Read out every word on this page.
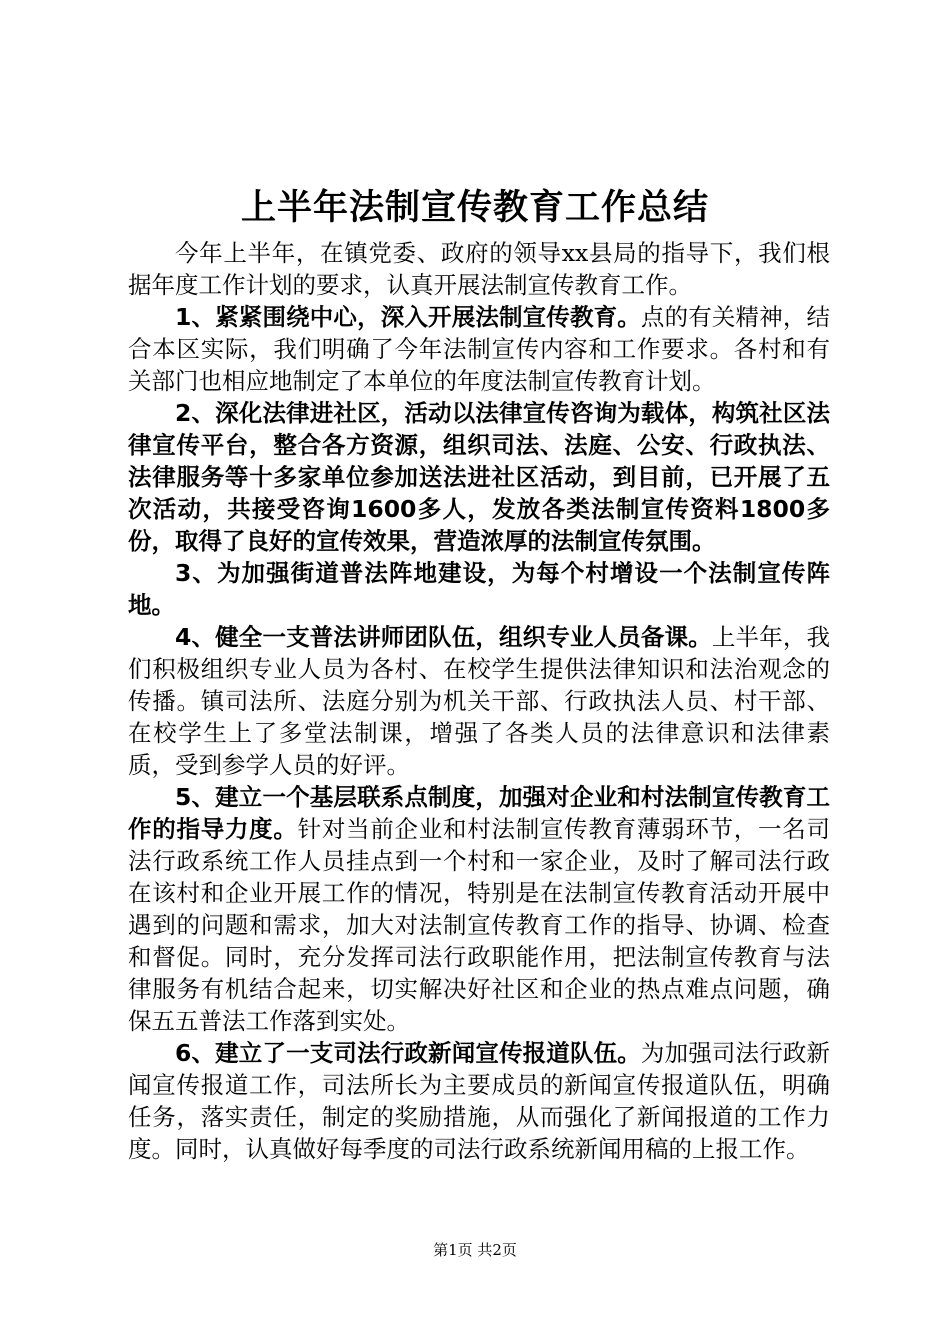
上半年法制宣传教育工作总结

今年上半年，在镇党委、政府的领导xx县局的指导下，我们根据年度工作计划的要求，认真开展法制宣传教育工作。

1、紧紧围绕中心，深入开展法制宣传教育。点的有关精神，结合本区实际，我们明确了今年法制宣传内容和工作要求。各村和有关部门也相应地制定了本单位的年度法制宣传教育计划。

2、深化法律进社区，活动以法律宣传咨询为载体，构筑社区法律宣传平台，整合各方资源，组织司法、法庭、公安、行政执法、法律服务等十多家单位参加送法进社区活动，到目前，已开展了五次活动，共接受咨询1600多人，发放各类法制宣传资料1800多份，取得了良好的宣传效果，营造浓厚的法制宣传氛围。

3、为加强街道普法阵地建设，为每个村增设一个法制宣传阵地。

4、健全一支普法讲师团队伍，组织专业人员备课。上半年，我们积极组织专业人员为各村、在校学生提供法律知识和法治观念的传播。镇司法所、法庭分别为机关干部、行政执法人员、村干部、在校学生上了多堂法制课，增强了各类人员的法律意识和法律素质，受到参学人员的好评。

5、建立一个基层联系点制度，加强对企业和村法制宣传教育工作的指导力度。针对当前企业和村法制宣传教育薄弱环节，一名司法行政系统工作人员挂点到一个村和一家企业，及时了解司法行政在该村和企业开展工作的情况，特别是在法制宣传教育活动开展中遇到的问题和需求，加大对法制宣传教育工作的指导、协调、检查和督促。同时，充分发挥司法行政职能作用，把法制宣传教育与法律服务有机结合起来，切实解决好社区和企业的热点难点问题，确保五五普法工作落到实处。

6、建立了一支司法行政新闻宣传报道队伍。为加强司法行政新闻宣传报道工作，司法所长为主要成员的新闻宣传报道队伍，明确任务，落实责任，制定的奖励措施，从而强化了新闻报道的工作力度。同时，认真做好每季度的司法行政系统新闻用稿的上报工作。

第1页 共2页
